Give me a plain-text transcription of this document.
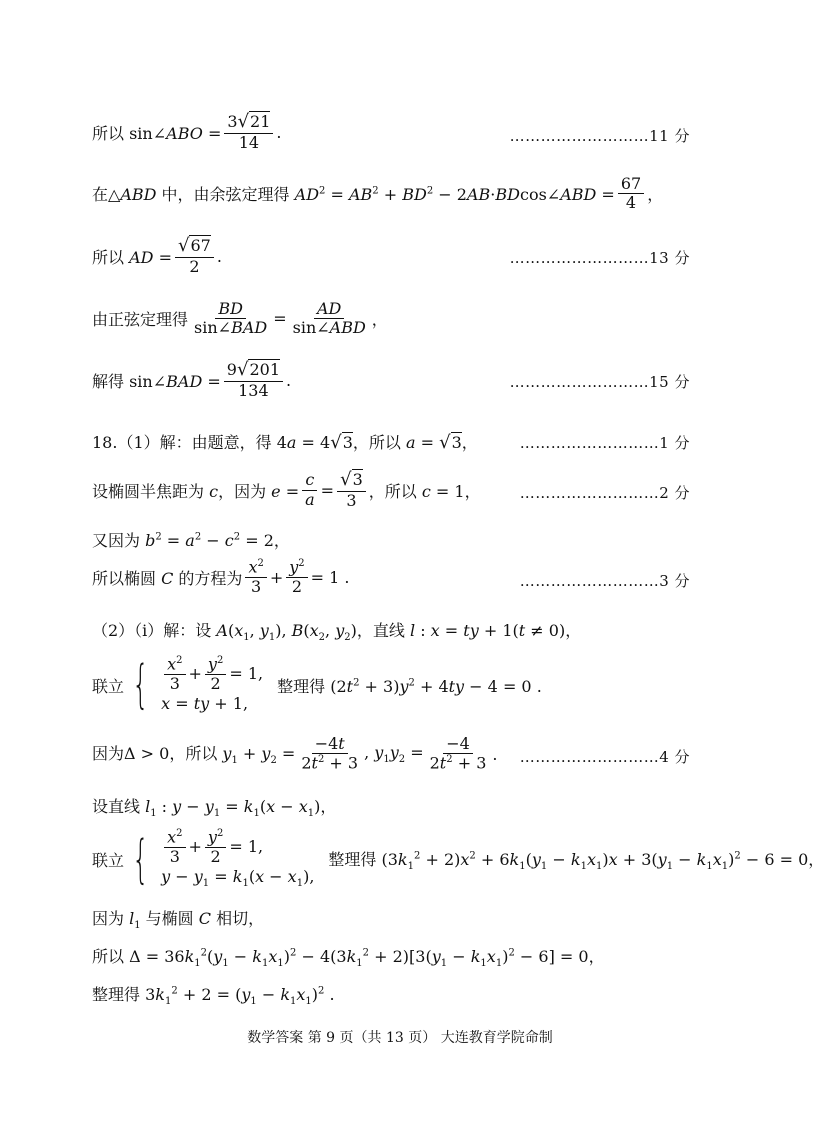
所以 sin∠ABO = $\frac{3√21}{14}$ .	………………………11 分
在△ABD 中，由余弦定理得 $AD^2 = AB^2 + BD^2$ − 2AB·BDcos∠ABD = $\frac{67}{4}$ ，
所以 AD = $\frac{√67}{2}$ .	………………………13 分
由正弦定理得 $\frac{BD}{\text{sin∠BAD}} = \frac{AD}{\text{sin∠ABD}}$ ，
解得 sin∠BAD = $\frac{9√201}{134}$ .	………………………15 分
18.（1）解：由题意，得 4a = 4√3，所以 a = √3，	………………………1 分
设椭圆半焦距为 c，因为 $e = \frac{c}{a} = \frac{√3}{3}$ ，所以 c = 1，	………………………2 分
又因为 $b^2 = a^2 - c^2 = 2$，
所以椭圆 C 的方程为 $\frac{x^2}{3} + \frac{y^2}{2} = 1$ .	………………………3 分
（2）（ⅰ）解：设 $A(x_1$, $y_1$), $B(x_2$, $y_2$)，直线 l : x = ty + 1(t ≠ 0)，
联立 { $\frac{x^2}{3} + \frac{y^2}{2} = 1$,
x = ty + 1,
整理得 $(2t^2 + 3)y^2 + 4ty - 4 = 0$ .
因为Δ > 0，所以 $y_1 + y_2 = \frac{-4t}{2t^2 + 3}$ , $y_1y_2 = \frac{-4}{2t^2 + 3}$ . ………………………4 分
设直线 $l_1$ : $y - y_1 = k_1(x - x_1)$，
联立 { $\frac{x^2}{3} + \frac{y^2}{2} = 1$,
$y - y_1 = k_1(x - x_1)$,
整理得 $(3k_1^2 + 2)x^2 + 6k_1(y_1 - k_1x_1)x + 3(y_1 - k_1x_1)^2 - 6 = 0$，
因为 $l_1$ 与椭圆 C 相切，
所以 $\Delta = 36k_1^2(y_1 - k_1x_1)^2 - 4(3k_1^2 + 2)[3(y_1 - k_1x_1)^2 - 6] = 0$，
整理得 $3k_1^2 + 2 = (y_1 - k_1x_1)^2$ .
数学答案 第 9 页（共 13 页） 大连教育学院命制
